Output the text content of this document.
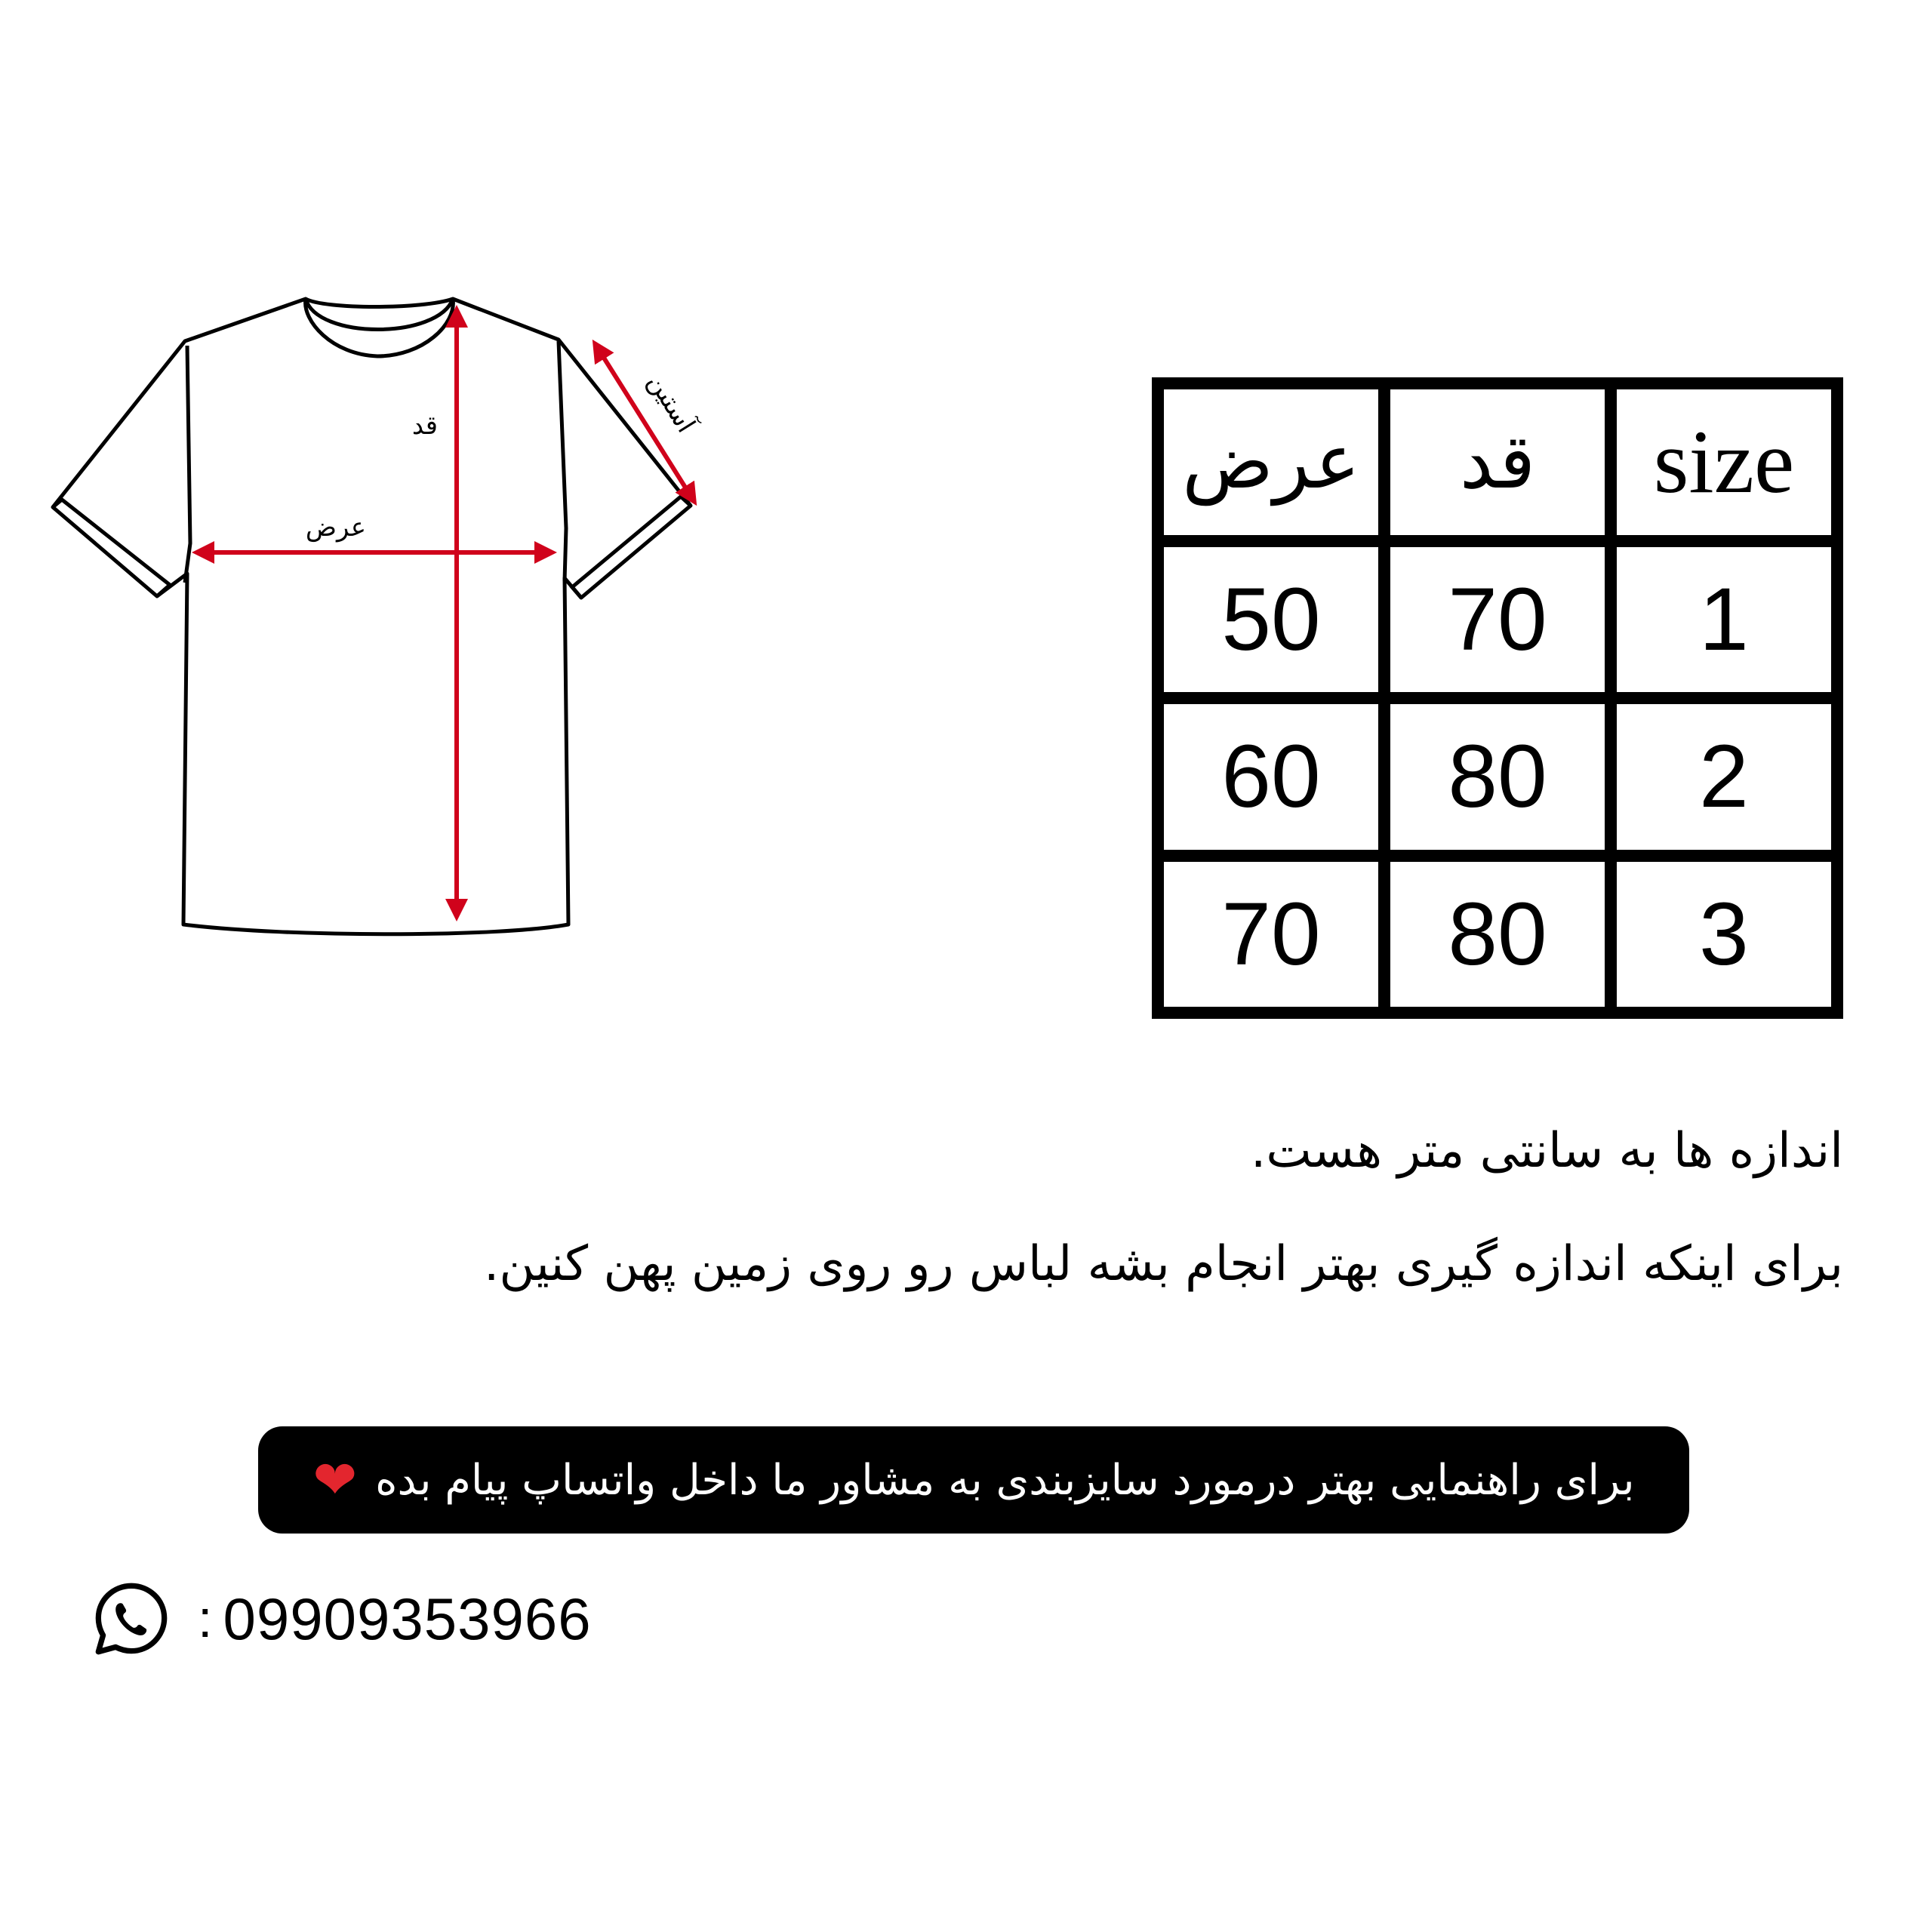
قد
عرض
آستین
عرض	قد	size
50	70	1
60	80	2
70	80	3

اندازه ها به سانتی متر هست.

برای اینکه اندازه گیری بهتر انجام بشه لباس رو روی زمین پهن کنین.

برای راهنمایی بهتر درمورد سایزبندی به مشاور ما داخل واتساپ پیام بده
❤
: 09909353966
